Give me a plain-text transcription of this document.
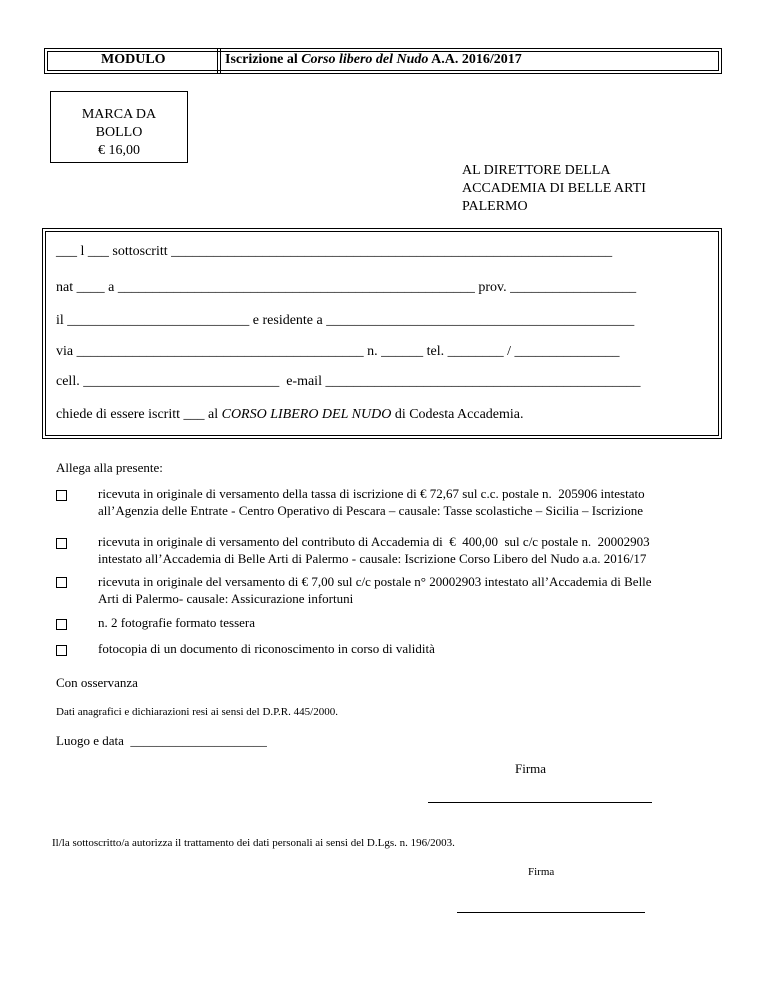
MODULO	Iscrizione al Corso libero del Nudo A.A. 2016/2017
MARCA DA
BOLLO
€ 16,00
AL DIRETTORE DELLA
ACCADEMIA DI BELLE ARTI
PALERMO
___ l ___ sottoscritt _______________________________________________________________
nat ____ a ___________________________________________________ prov. __________________
il __________________________ e residente a ____________________________________________
via _________________________________________ n. ______ tel. ________ / _______________
cell. ____________________________  e-mail _____________________________________________
chiede di essere iscritt ___ al CORSO LIBERO DEL NUDO di Codesta Accademia.
Allega alla presente:
ricevuta in originale di versamento della tassa di iscrizione di € 72,67 sul c.c. postale n.  205906 intestato
all’Agenzia delle Entrate - Centro Operativo di Pescara – causale: Tasse scolastiche – Sicilia – Iscrizione
ricevuta in originale di versamento del contributo di Accademia di  €  400,00  sul c/c postale n.  20002903
intestato all’Accademia di Belle Arti di Palermo - causale: Iscrizione Corso Libero del Nudo a.a. 2016/17
ricevuta in originale del versamento di € 7,00 sul c/c postale n° 20002903 intestato all’Accademia di Belle
Arti di Palermo- causale: Assicurazione infortuni
n. 2 fotografie formato tessera
fotocopia di un documento di riconoscimento in corso di validità
Con osservanza
Dati anagrafici e dichiarazioni resi ai sensi del D.P.R. 445/2000.
Luogo e data  _____________________
Firma
Il/la sottoscritto/a autorizza il trattamento dei dati personali ai sensi del D.Lgs. n. 196/2003.
Firma
